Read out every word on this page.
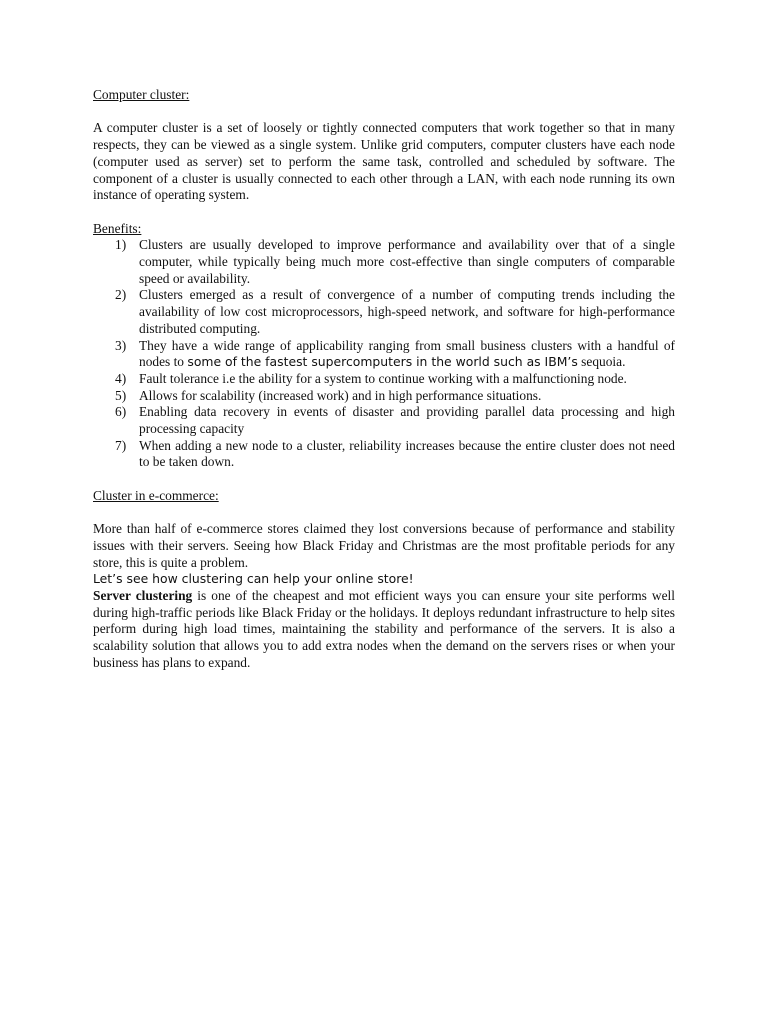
Computer cluster:

A computer cluster is a set of loosely or tightly connected computers that work together so that in many respects, they can be viewed as a single system. Unlike grid computers, computer clusters have each node (computer used as server) set to perform the same task, controlled and scheduled by software. The component of a cluster is usually connected to each other through a LAN, with each node running its own instance of operating system.

Benefits:

1) Clusters are usually developed to improve performance and availability over that of a single computer, while typically being much more cost-effective than single computers of comparable speed or availability.
2) Clusters emerged as a result of convergence of a number of computing trends including the availability of low cost microprocessors, high-speed network, and software for high-performance distributed computing.
3) They have a wide range of applicability ranging from small business clusters with a handful of nodes to some of the fastest supercomputers in the world such as IBM’s sequoia.
4) Fault tolerance i.e the ability for a system to continue working with a malfunctioning node.
5) Allows for scalability (increased work) and in high performance situations.
6) Enabling data recovery in events of disaster and providing parallel data processing and high processing capacity
7) When adding a new node to a cluster, reliability increases because the entire cluster does not need to be taken down.

Cluster in e-commerce:

More than half of e-commerce stores claimed they lost conversions because of performance and stability issues with their servers. Seeing how Black Friday and Christmas are the most profitable periods for any store, this is quite a problem.

Let’s see how clustering can help your online store!

Server clustering is one of the cheapest and mot efficient ways you can ensure your site performs well during high-traffic periods like Black Friday or the holidays. It deploys redundant infrastructure to help sites perform during high load times, maintaining the stability and performance of the servers. It is also a scalability solution that allows you to add extra nodes when the demand on the servers rises or when your business has plans to expand.
